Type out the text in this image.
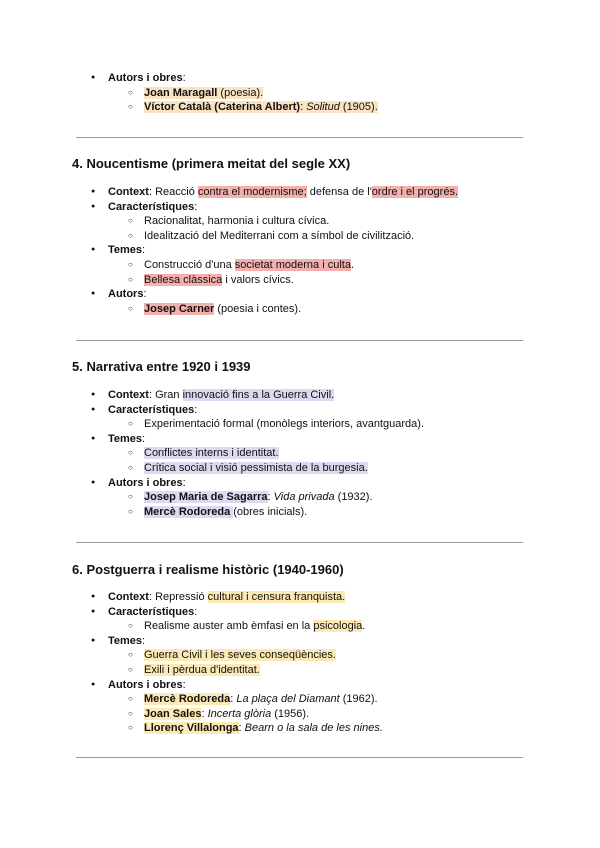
● Autors i obres:
○ Joan Maragall (poesia).
○ Víctor Català (Caterina Albert): Solitud (1905).
4. Noucentisme (primera meitat del segle XX)
● Context: Reacció contra el modernisme; defensa de l'ordre i el progrés.
● Característiques:
○ Racionalitat, harmonia i cultura cívica.
○ Idealització del Mediterrani com a símbol de civilització.
● Temes:
○ Construcció d'una societat moderna i culta.
○ Bellesa clàssica i valors cívics.
● Autors:
○ Josep Carner (poesia i contes).
5. Narrativa entre 1920 i 1939
● Context: Gran innovació fins a la Guerra Civil.
● Característiques:
○ Experimentació formal (monòlegs interiors, avantguarda).
● Temes:
○ Conflictes interns i identitat.
○ Crítica social i visió pessimista de la burgesia.
● Autors i obres:
○ Josep Maria de Sagarra: Vida privada (1932).
○ Mercè Rodoreda (obres inicials).
6. Postguerra i realisme històric (1940-1960)
● Context: Repressió cultural i censura franquista.
● Característiques:
○ Realisme auster amb èmfasi en la psicologia.
● Temes:
○ Guerra Civil i les seves conseqüències.
○ Exili i pèrdua d'identitat.
● Autors i obres:
○ Mercè Rodoreda: La plaça del Diamant (1962).
○ Joan Sales: Incerta glòria (1956).
○ Llorenç Villalonga: Bearn o la sala de les nines.
